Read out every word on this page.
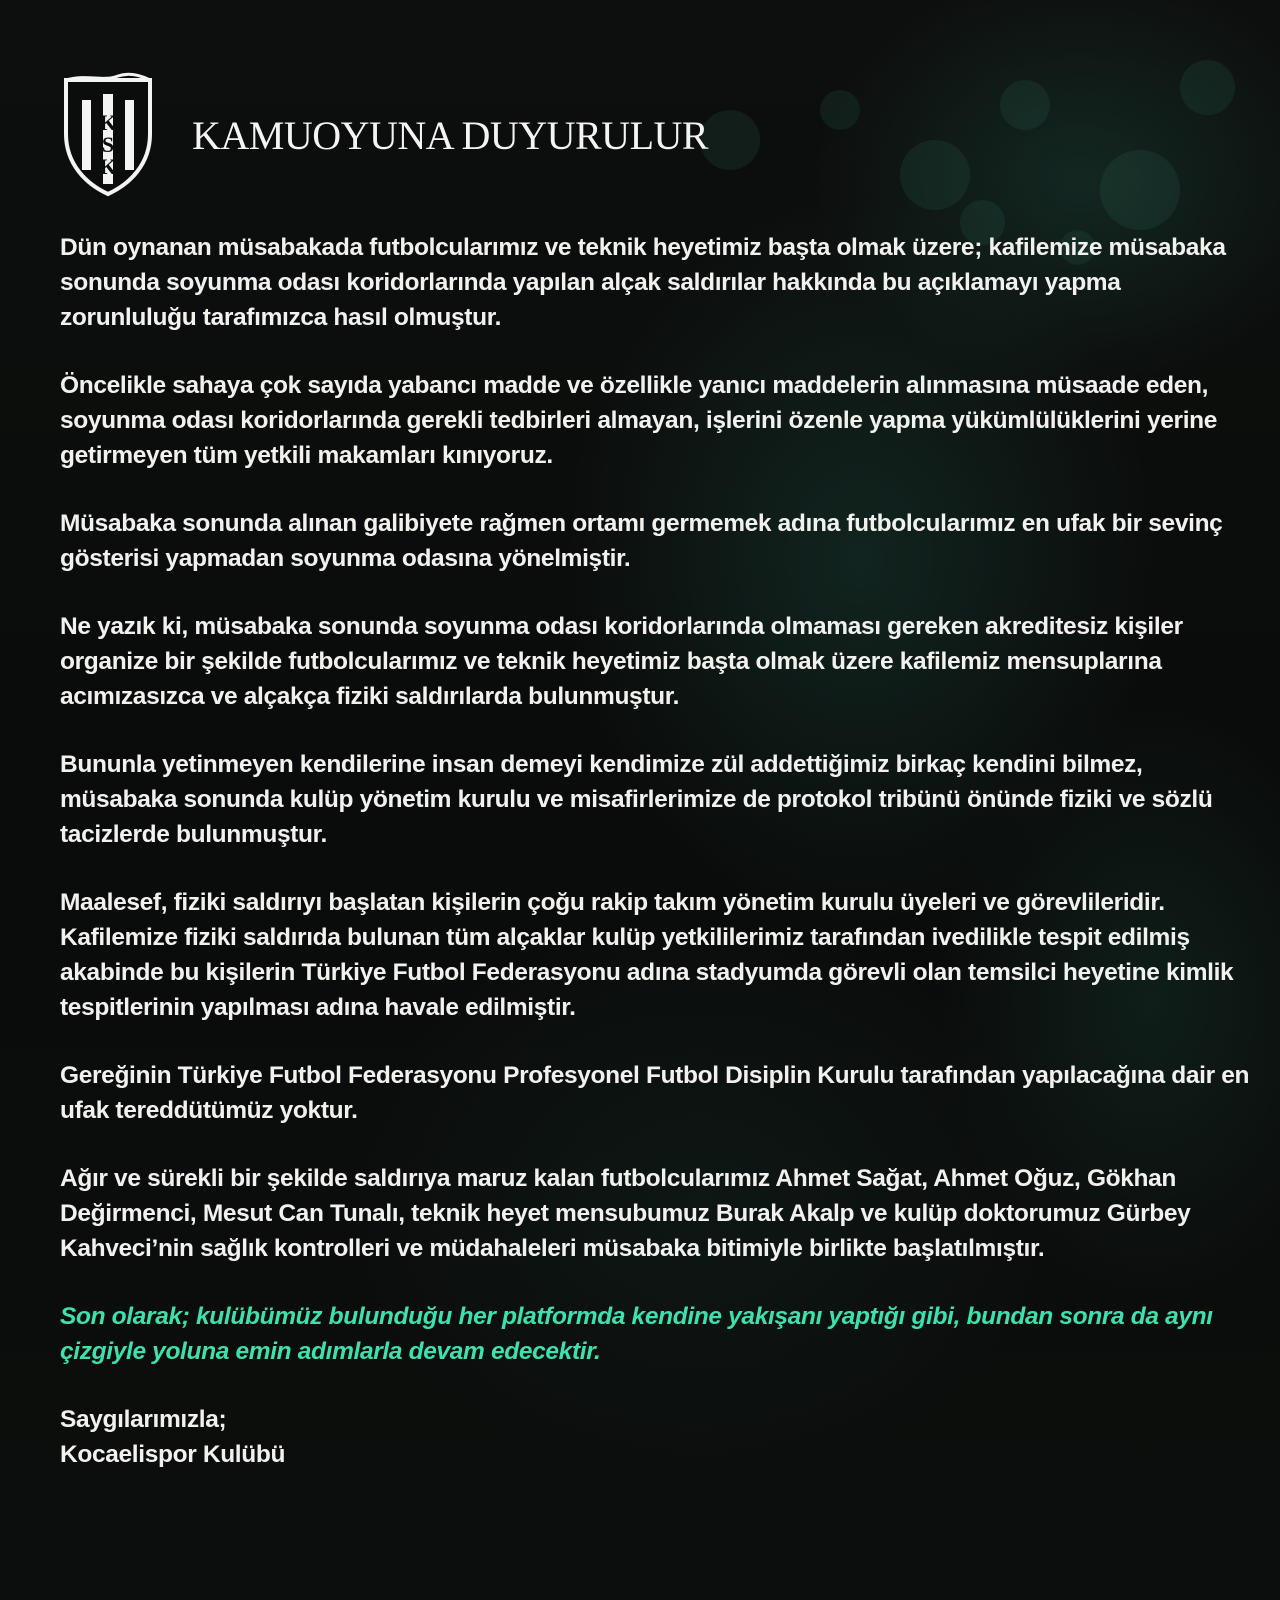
K
S
K
KAMUOYUNA DUYURULUR

Dün oynanan müsabakada futbolcularımız ve teknik heyetimiz başta olmak üzere; kafilemize müsabaka sonunda soyunma odası koridorlarında yapılan alçak saldırılar hakkında bu açıklamayı yapma zorunluluğu tarafımızca hasıl olmuştur.

Öncelikle sahaya çok sayıda yabancı madde ve özellikle yanıcı maddelerin alınmasına müsaade eden, soyunma odası koridorlarında gerekli tedbirleri almayan, işlerini özenle yapma yükümlülüklerini yerine getirmeyen tüm yetkili makamları kınıyoruz.

Müsabaka sonunda alınan galibiyete rağmen ortamı germemek adına futbolcularımız en ufak bir sevinç gösterisi yapmadan soyunma odasına yönelmiştir.

Ne yazık ki, müsabaka sonunda soyunma odası koridorlarında olmaması gereken akreditesiz kişiler organize bir şekilde futbolcularımız ve teknik heyetimiz başta olmak üzere kafilemiz mensuplarına acımızasızca ve alçakça fiziki saldırılarda bulunmuştur.

Bununla yetinmeyen kendilerine insan demeyi kendimize zül addettiğimiz birkaç kendini bilmez, müsabaka sonunda kulüp yönetim kurulu ve misafirlerimize de protokol tribünü önünde fiziki ve sözlü tacizlerde bulunmuştur.

Maalesef, fiziki saldırıyı başlatan kişilerin çoğu rakip takım yönetim kurulu üyeleri ve görevlileridir. Kafilemize fiziki saldırıda bulunan tüm alçaklar kulüp yetkililerimiz tarafından ivedilikle tespit edilmiş akabinde bu kişilerin Türkiye Futbol Federasyonu adına stadyumda görevli olan temsilci heyetine kimlik tespitlerinin yapılması adına havale edilmiştir.

Gereğinin Türkiye Futbol Federasyonu Profesyonel Futbol Disiplin Kurulu tarafından yapılacağına dair en ufak tereddütümüz yoktur.

Ağır ve sürekli bir şekilde saldırıya maruz kalan futbolcularımız Ahmet Sağat, Ahmet Oğuz, Gökhan Değirmenci, Mesut Can Tunalı, teknik heyet mensubumuz Burak Akalp ve kulüp doktorumuz Gürbey Kahveci’nin sağlık kontrolleri ve müdahaleleri müsabaka bitimiyle birlikte başlatılmıştır.

Son olarak; kulübümüz bulunduğu her platformda kendine yakışanı yaptığı gibi, bundan sonra da aynı çizgiyle yoluna emin adımlarla devam edecektir.

Saygılarımızla;

Kocaelispor Kulübü
